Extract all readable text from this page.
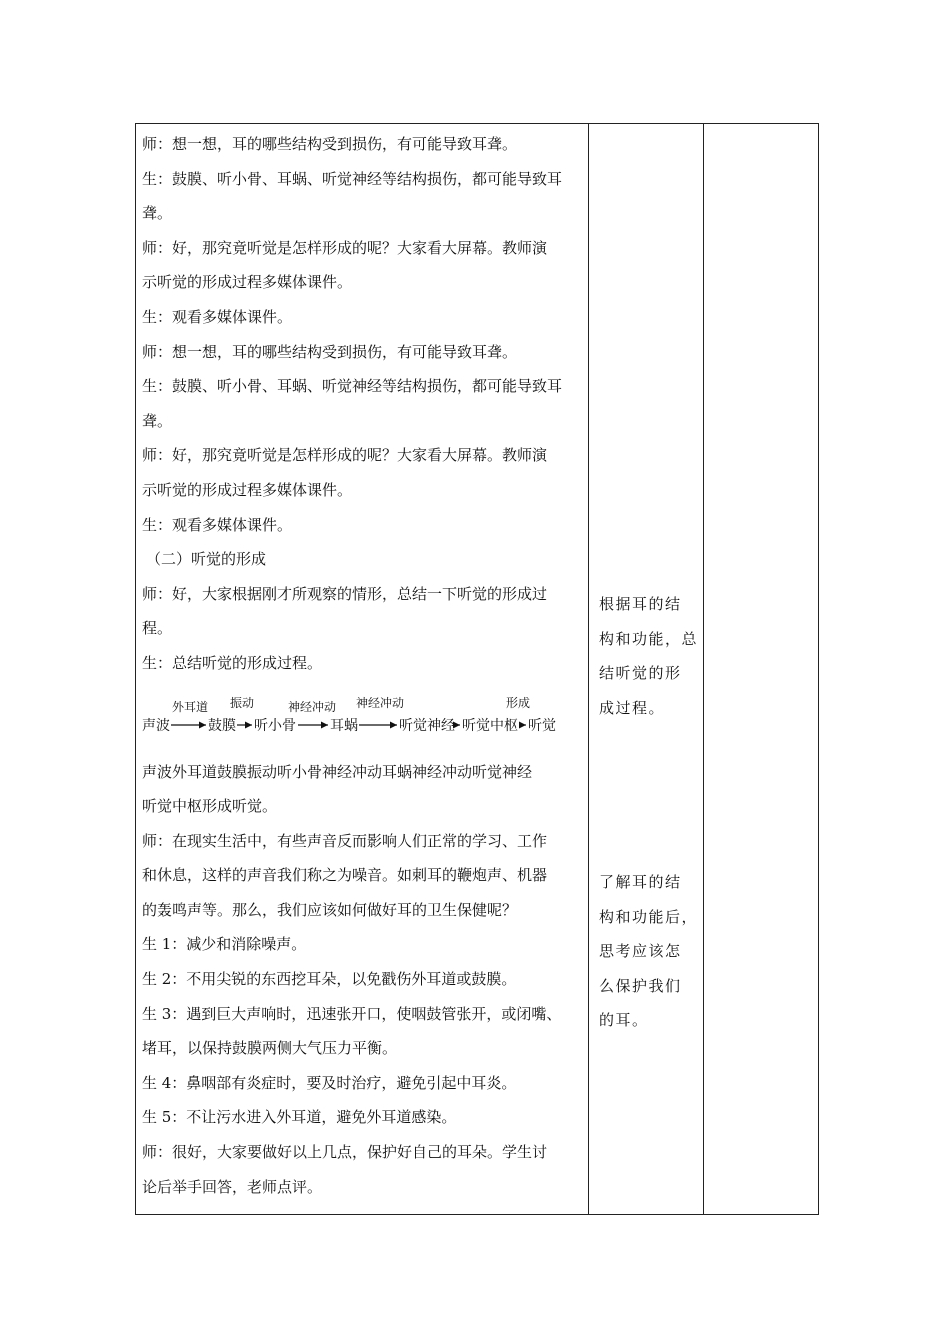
师：想一想，耳的哪些结构受到损伤，有可能导致耳聋。
生：鼓膜、听小骨、耳蜗、听觉神经等结构损伤，都可能导致耳
聋。
师：好，那究竟听觉是怎样形成的呢？大家看大屏幕。教师演
示听觉的形成过程多媒体课件。
生：观看多媒体课件。
师：想一想，耳的哪些结构受到损伤，有可能导致耳聋。
生：鼓膜、听小骨、耳蜗、听觉神经等结构损伤，都可能导致耳
聋。
师：好，那究竟听觉是怎样形成的呢？大家看大屏幕。教师演
示听觉的形成过程多媒体课件。
生：观看多媒体课件。
（二）听觉的形成
师：好，大家根据刚才所观察的情形，总结一下听觉的形成过
程。
生：总结听觉的形成过程。
声波	鼓膜 听小骨 耳蜗	听觉神经 听觉中枢 听觉
外耳道 振动	神经冲动 神经冲动	形成
声波外耳道鼓膜振动听小骨神经冲动耳蜗神经冲动听觉神经
听觉中枢形成听觉。
师：在现实生活中，有些声音反而影响人们正常的学习、工作
和休息，这样的声音我们称之为噪音。如刺耳的鞭炮声、机器
的轰鸣声等。那么，我们应该如何做好耳的卫生保健呢？
生 1：减少和消除噪声。
生 2：不用尖锐的东西挖耳朵，以免戳伤外耳道或鼓膜。
生 3：遇到巨大声响时，迅速张开口，使咽鼓管张开，或闭嘴、
堵耳，以保持鼓膜两侧大气压力平衡。
生 4：鼻咽部有炎症时，要及时治疗，避免引起中耳炎。
生 5：不让污水进入外耳道，避免外耳道感染。
师：很好，大家要做好以上几点，保护好自己的耳朵。学生讨
论后举手回答，老师点评。
根据耳的结
构和功能，总
结听觉的形
成过程。
了解耳的结
构和功能后，
思考应该怎
么保护我们
的耳。
